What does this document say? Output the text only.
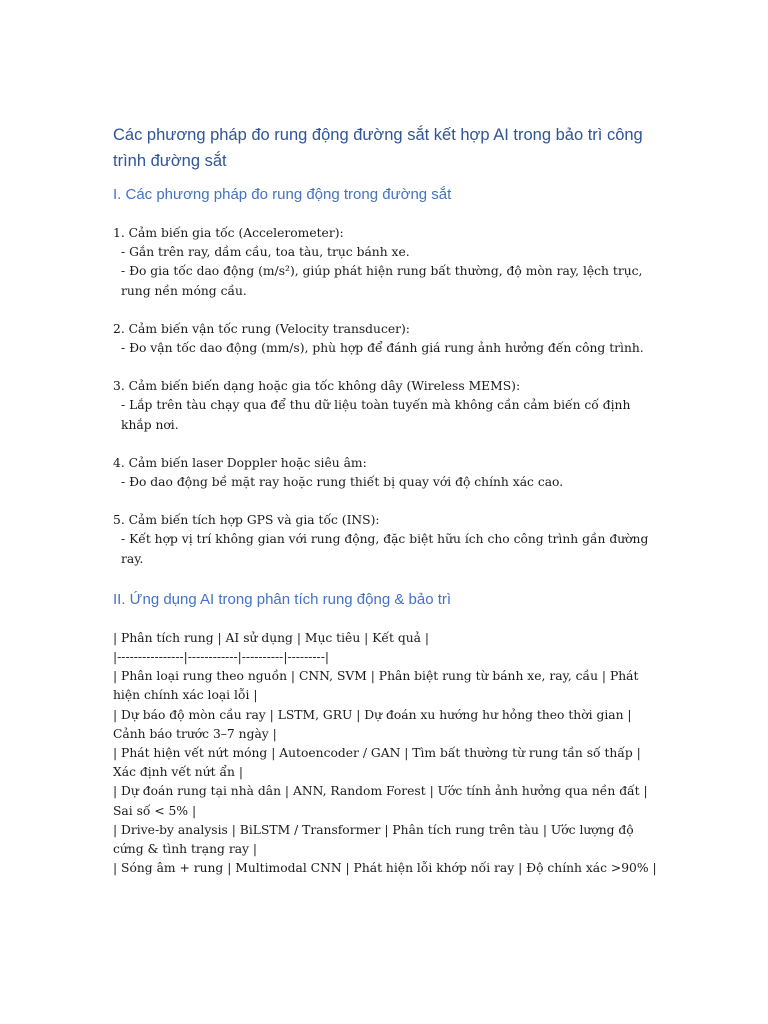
Các phương pháp đo rung động đường sắt kết hợp AI trong bảo trì công trình đường sắt
I. Các phương pháp đo rung động trong đường sắt

1. Cảm biến gia tốc (Accelerometer):
- Gắn trên ray, dầm cầu, toa tàu, trục bánh xe.
- Đo gia tốc dao động (m/s²), giúp phát hiện rung bất thường, độ mòn ray, lệch trục, rung nền móng cầu.

2. Cảm biến vận tốc rung (Velocity transducer):
- Đo vận tốc dao động (mm/s), phù hợp để đánh giá rung ảnh hưởng đến công trình.

3. Cảm biến biến dạng hoặc gia tốc không dây (Wireless MEMS):
- Lắp trên tàu chạy qua để thu dữ liệu toàn tuyến mà không cần cảm biến cố định khắp nơi.

4. Cảm biến laser Doppler hoặc siêu âm:
- Đo dao động bề mặt ray hoặc rung thiết bị quay với độ chính xác cao.

5. Cảm biến tích hợp GPS và gia tốc (INS):
- Kết hợp vị trí không gian với rung động, đặc biệt hữu ích cho công trình gần đường ray.

II. Ứng dụng AI trong phân tích rung động & bảo trì
| Phân tích rung | AI sử dụng | Mục tiêu | Kết quả |
|----------------|------------|----------|---------|
| Phân loại rung theo nguồn | CNN, SVM | Phân biệt rung từ bánh xe, ray, cầu | Phát hiện chính xác loại lỗi |
| Dự báo độ mòn cầu ray | LSTM, GRU | Dự đoán xu hướng hư hỏng theo thời gian | Cảnh báo trước 3–7 ngày |
| Phát hiện vết nứt móng | Autoencoder / GAN | Tìm bất thường từ rung tần số thấp | Xác định vết nứt ẩn |
| Dự đoán rung tại nhà dân | ANN, Random Forest | Ước tính ảnh hưởng qua nền đất | Sai số < 5% |
| Drive-by analysis | BiLSTM / Transformer | Phân tích rung trên tàu | Ước lượng độ cứng & tình trạng ray |
| Sóng âm + rung | Multimodal CNN | Phát hiện lỗi khớp nối ray | Độ chính xác >90% |
